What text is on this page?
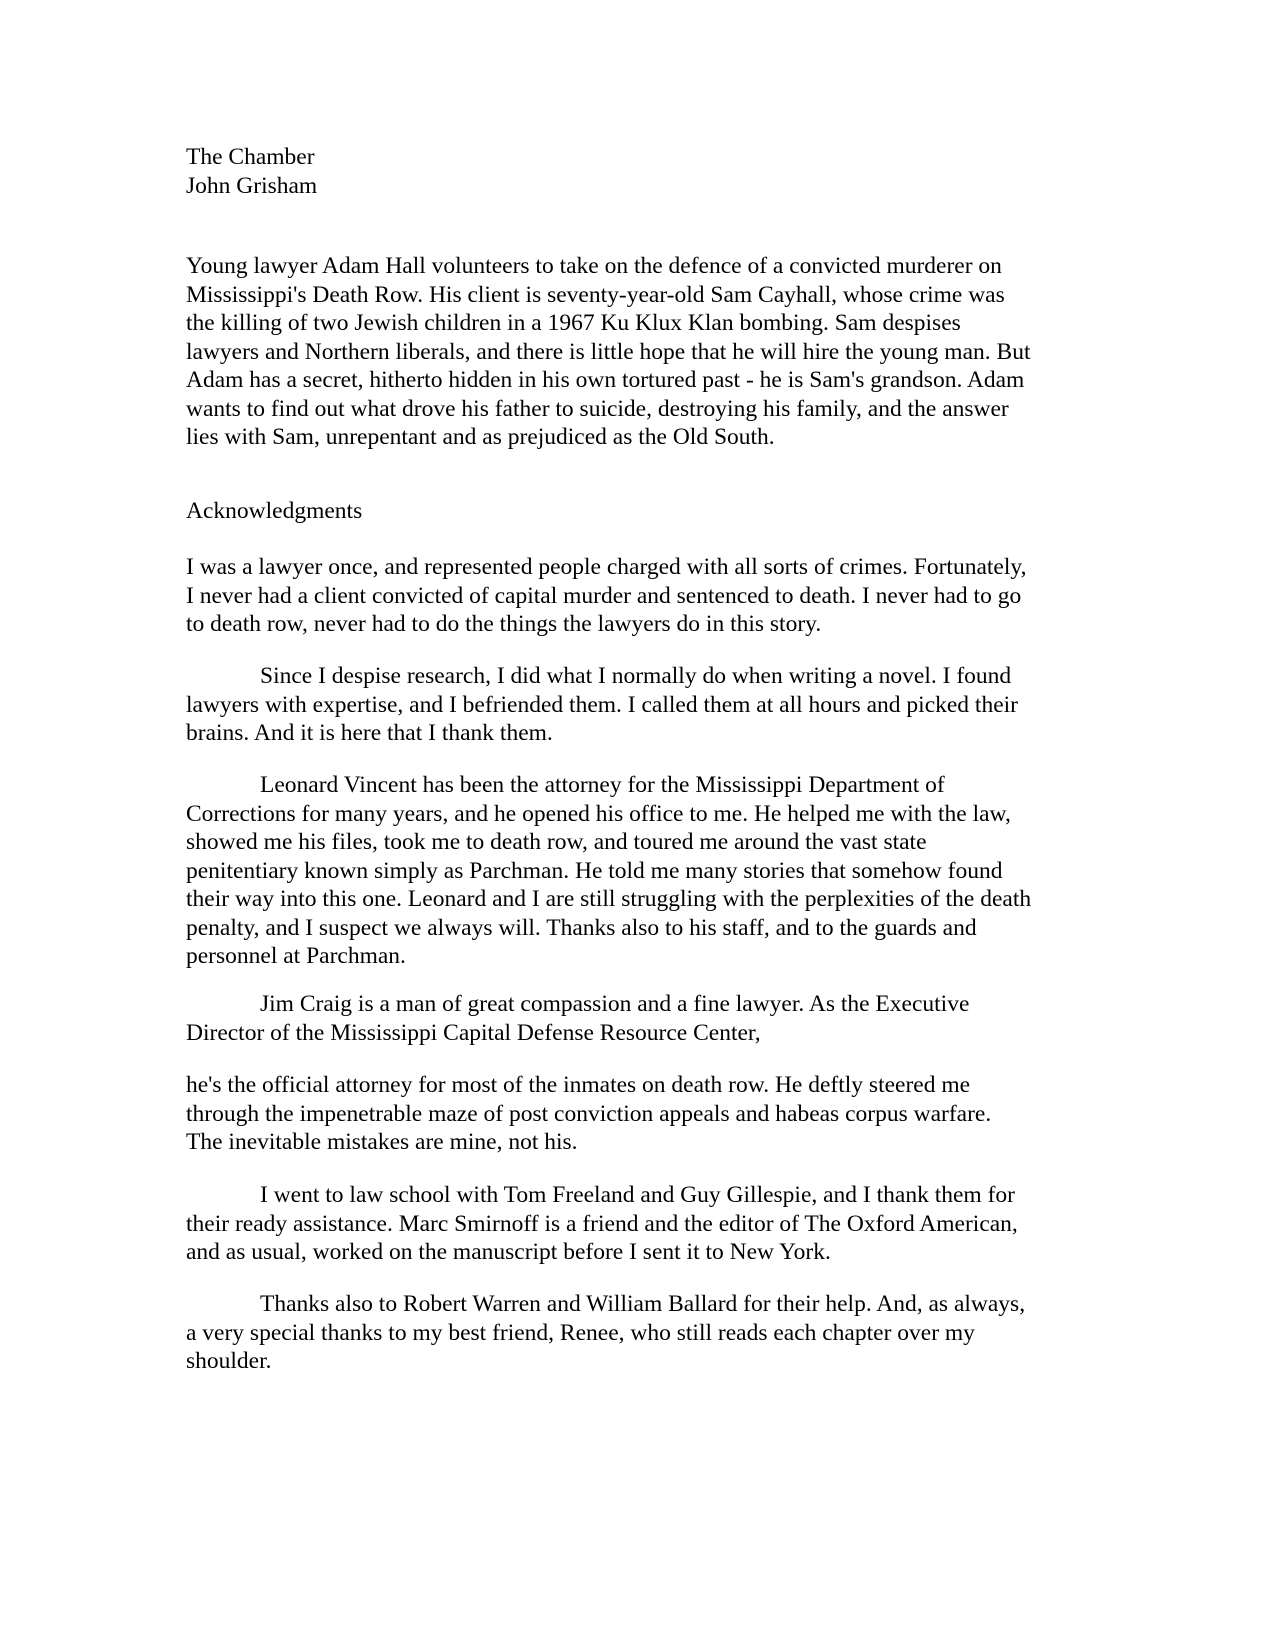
The Chamber
John Grisham
Young lawyer Adam Hall volunteers to take on the defence of a convicted murderer on
Mississippi's Death Row. His client is seventy-year-old Sam Cayhall, whose crime was
the killing of two Jewish children in a 1967 Ku Klux Klan bombing. Sam despises
lawyers and Northern liberals, and there is little hope that he will hire the young man. But
Adam has a secret, hitherto hidden in his own tortured past - he is Sam's grandson. Adam
wants to find out what drove his father to suicide, destroying his family, and the answer
lies with Sam, unrepentant and as prejudiced as the Old South.
Acknowledgments
I was a lawyer once, and represented people charged with all sorts of crimes. Fortunately,
I never had a client convicted of capital murder and sentenced to death. I never had to go
to death row, never had to do the things the lawyers do in this story.
Since I despise research, I did what I normally do when writing a novel. I found
lawyers with expertise, and I befriended them. I called them at all hours and picked their
brains. And it is here that I thank them.
Leonard Vincent has been the attorney for the Mississippi Department of
Corrections for many years, and he opened his office to me. He helped me with the law,
showed me his files, took me to death row, and toured me around the vast state
penitentiary known simply as Parchman. He told me many stories that somehow found
their way into this one. Leonard and I are still struggling with the perplexities of the death
penalty, and I suspect we always will. Thanks also to his staff, and to the guards and
personnel at Parchman.
Jim Craig is a man of great compassion and a fine lawyer. As the Executive
Director of the Mississippi Capital Defense Resource Center,
he's the official attorney for most of the inmates on death row. He deftly steered me
through the impenetrable maze of post conviction appeals and habeas corpus warfare.
The inevitable mistakes are mine, not his.
I went to law school with Tom Freeland and Guy Gillespie, and I thank them for
their ready assistance. Marc Smirnoff is a friend and the editor of The Oxford American,
and as usual, worked on the manuscript before I sent it to New York.
Thanks also to Robert Warren and William Ballard for their help. And, as always,
a very special thanks to my best friend, Renee, who still reads each chapter over my
shoulder.
